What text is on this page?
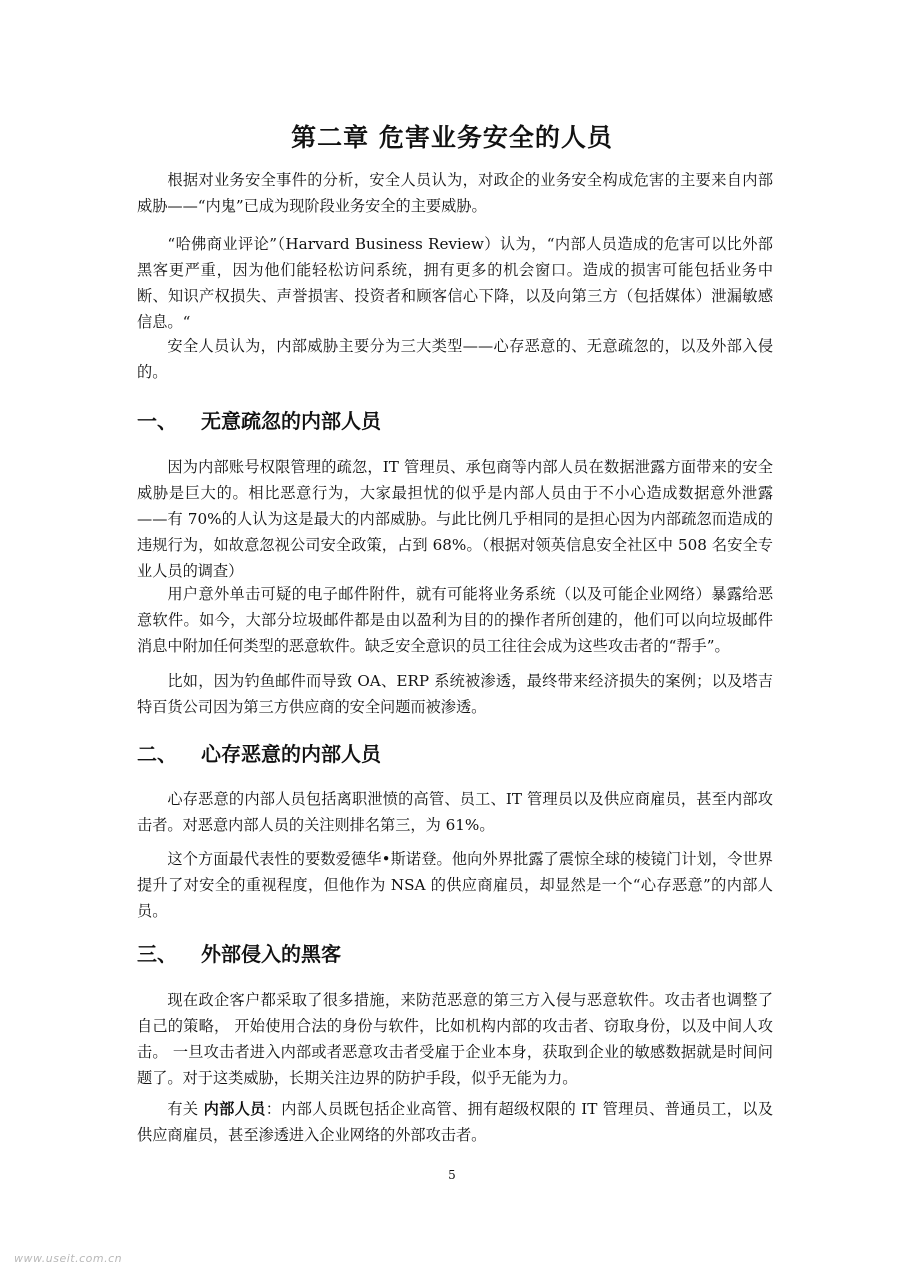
第二章 危害业务安全的人员

根据对业务安全事件的分析，安全人员认为，对政企的业务安全构成危害的主要来自内部威胁——“内鬼”已成为现阶段业务安全的主要威胁。

“哈佛商业评论”（Harvard Business Review）认为，“内部人员造成的危害可以比外部黑客更严重，因为他们能轻松访问系统，拥有更多的机会窗口。造成的损害可能包括业务中断、知识产权损失、声誉损害、投资者和顾客信心下降，以及向第三方（包括媒体）泄漏敏感信息。“

安全人员认为，内部威胁主要分为三大类型——心存恶意的、无意疏忽的，以及外部入侵的。

一、 无意疏忽的内部人员

因为内部账号权限管理的疏忽，IT 管理员、承包商等内部人员在数据泄露方面带来的安全威胁是巨大的。相比恶意行为，大家最担忧的似乎是内部人员由于不小心造成数据意外泄露——有 70%的人认为这是最大的内部威胁。与此比例几乎相同的是担心因为内部疏忽而造成的违规行为，如故意忽视公司安全政策，占到 68%。（根据对领英信息安全社区中 508 名安全专业人员的调查）

用户意外单击可疑的电子邮件附件，就有可能将业务系统（以及可能企业网络）暴露给恶意软件。如今，大部分垃圾邮件都是由以盈利为目的的操作者所创建的，他们可以向垃圾邮件消息中附加任何类型的恶意软件。缺乏安全意识的员工往往会成为这些攻击者的“帮手”。

比如，因为钓鱼邮件而导致 OA、ERP 系统被渗透，最终带来经济损失的案例；以及塔吉特百货公司因为第三方供应商的安全问题而被渗透。

二、 心存恶意的内部人员

心存恶意的内部人员包括离职泄愤的高管、员工、IT 管理员以及供应商雇员，甚至内部攻击者。对恶意内部人员的关注则排名第三，为 61%。

这个方面最代表性的要数爱德华•斯诺登。他向外界批露了震惊全球的棱镜门计划，令世界提升了对安全的重视程度，但他作为 NSA 的供应商雇员，却显然是一个“心存恶意”的内部人员。

三、 外部侵入的黑客

现在政企客户都采取了很多措施，来防范恶意的第三方入侵与恶意软件。攻击者也调整了自己的策略， 开始使用合法的身份与软件，比如机构内部的攻击者、窃取身份，以及中间人攻击。 一旦攻击者进入内部或者恶意攻击者受雇于企业本身，获取到企业的敏感数据就是时间问题了。对于这类威胁，长期关注边界的防护手段，似乎无能为力。

有关 内部人员：内部人员既包括企业高管、拥有超级权限的 IT 管理员、普通员工，以及供应商雇员，甚至渗透进入企业网络的外部攻击者。

5
www.useit.com.cn
